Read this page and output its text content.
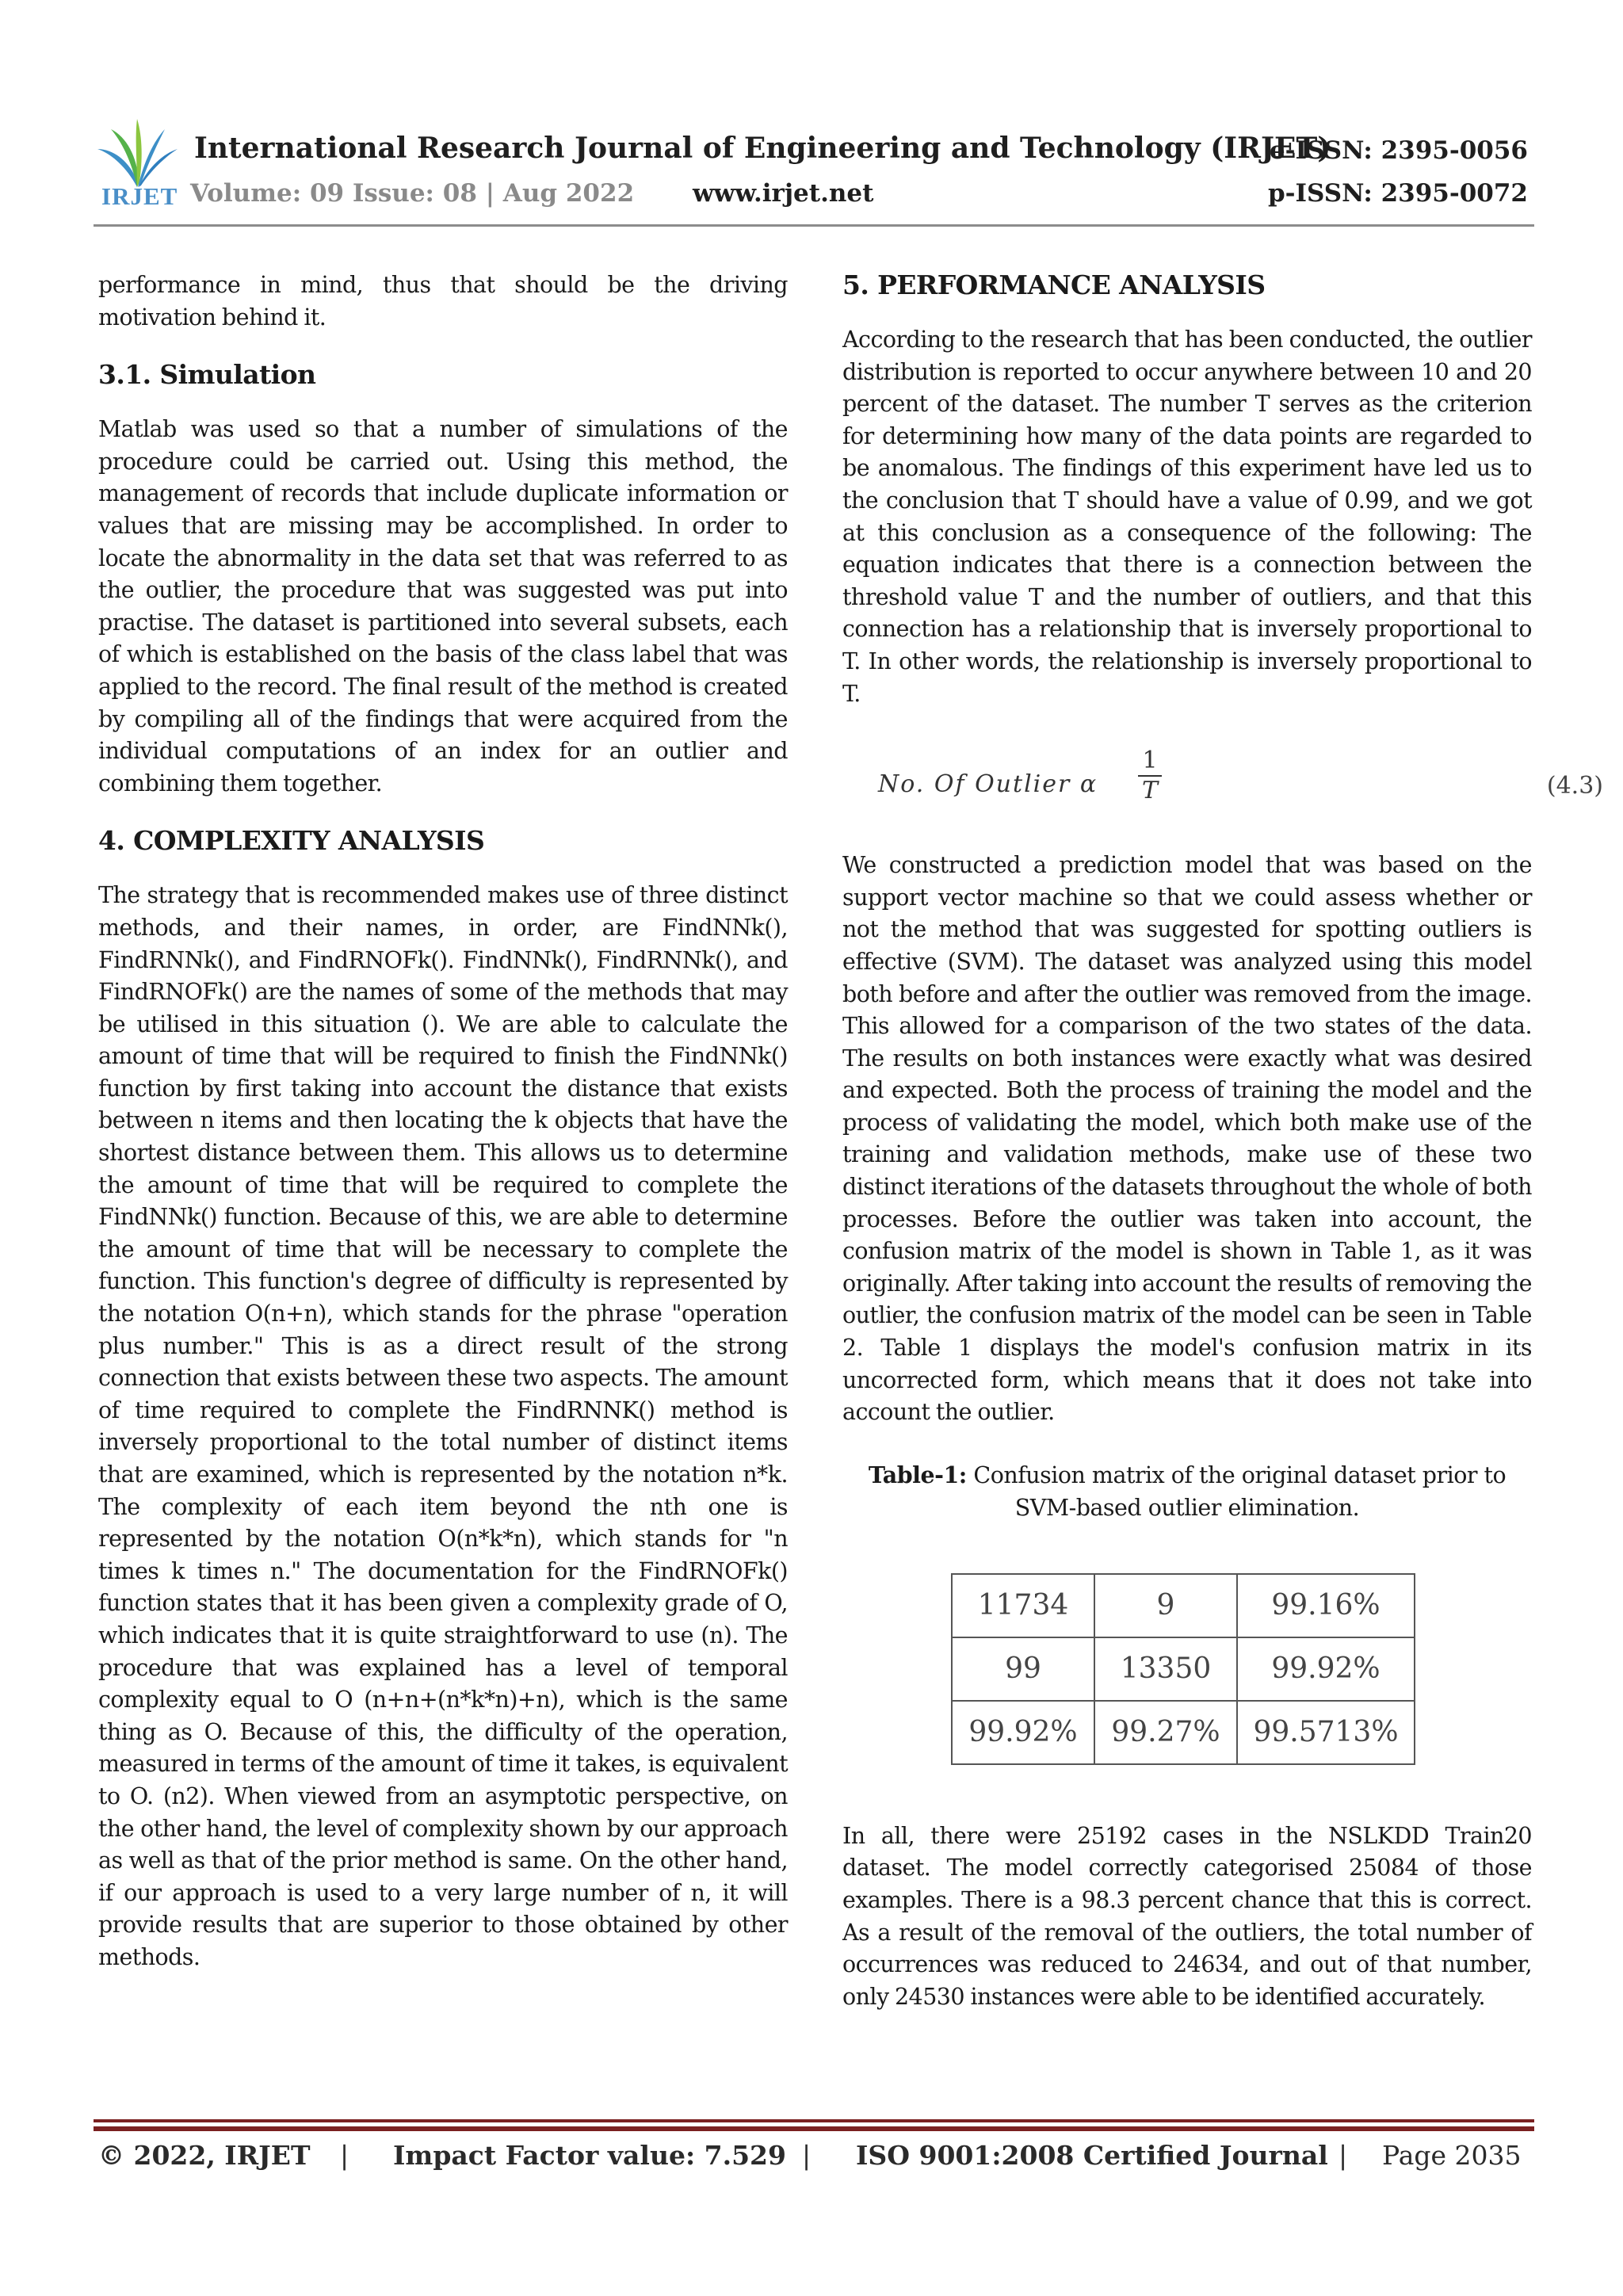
IRJET
International Research Journal of Engineering and Technology (IRJET)
Volume: 09 Issue: 08 | Aug 2022 www.irjet.net
e-ISSN: 2395-0056
p-ISSN: 2395-0072

performance in mind, thus that should be the driving motivation behind it.

3.1. Simulation

Matlab was used so that a number of simulations of the procedure could be carried out. Using this method, the management of records that include duplicate information or values that are missing may be accomplished. In order to locate the abnormality in the data set that was referred to as the outlier, the procedure that was suggested was put into practise. The dataset is partitioned into several subsets, each of which is established on the basis of the class label that was applied to the record. The final result of the method is created by compiling all of the findings that were acquired from the individual computations of an index for an outlier and combining them together.

4. COMPLEXITY ANALYSIS

The strategy that is recommended makes use of three distinct methods, and their names, in order, are FindNNk(), FindRNNk(), and FindRNOFk(). FindNNk(), FindRNNk(), and FindRNOFk() are the names of some of the methods that may be utilised in this situation (). We are able to calculate the amount of time that will be required to finish the FindNNk() function by first taking into account the distance that exists between n items and then locating the k objects that have the shortest distance between them. This allows us to determine the amount of time that will be required to complete the FindNNk() function. Because of this, we are able to determine the amount of time that will be necessary to complete the function. This function's degree of difficulty is represented by the notation O(n+n), which stands for the phrase "operation plus number." This is as a direct result of the strong connection that exists between these two aspects. The amount of time required to complete the FindRNNK() method is inversely proportional to the total number of distinct items that are examined, which is represented by the notation n*k. The complexity of each item beyond the nth one is represented by the notation O(n*k*n), which stands for "n times k times n." The documentation for the FindRNOFk() function states that it has been given a complexity grade of O, which indicates that it is quite straightforward to use (n). The procedure that was explained has a level of temporal complexity equal to O (n+n+(n*k*n)+n), which is the same thing as O. Because of this, the difficulty of the operation, measured in terms of the amount of time it takes, is equivalent to O. (n2). When viewed from an asymptotic perspective, on the other hand, the level of complexity shown by our approach as well as that of the prior method is same. On the other hand, if our approach is used to a very large number of n, it will provide results that are superior to those obtained by other methods.

5. PERFORMANCE ANALYSIS

According to the research that has been conducted, the outlier distribution is reported to occur anywhere between 10 and 20 percent of the dataset. The number T serves as the criterion for determining how many of the data points are regarded to be anomalous. The findings of this experiment have led us to the conclusion that T should have a value of 0.99, and we got at this conclusion as a consequence of the following: The equation indicates that there is a connection between the threshold value T and the number of outliers, and that this connection has a relationship that is inversely proportional to T. In other words, the relationship is inversely proportional to T.

No. Of Outlier α $\frac{1}{T}$	(4.3)

We constructed a prediction model that was based on the support vector machine so that we could assess whether or not the method that was suggested for spotting outliers is effective (SVM). The dataset was analyzed using this model both before and after the outlier was removed from the image. This allowed for a comparison of the two states of the data. The results on both instances were exactly what was desired and expected. Both the process of training the model and the process of validating the model, which both make use of the training and validation methods, make use of these two distinct iterations of the datasets throughout the whole of both processes. Before the outlier was taken into account, the confusion matrix of the model is shown in Table 1, as it was originally. After taking into account the results of removing the outlier, the confusion matrix of the model can be seen in Table 2. Table 1 displays the model's confusion matrix in its uncorrected form, which means that it does not take into account the outlier.

Table-1: Confusion matrix of the original dataset prior to SVM-based outlier elimination.
11734	9	99.16%
99	13350	99.92%
99.92%	99.27%	99.5713%

In all, there were 25192 cases in the NSLKDD Train20 dataset. The model correctly categorised 25084 of those examples. There is a 98.3 percent chance that this is correct. As a result of the removal of the outliers, the total number of occurrences was reduced to 24634, and out of that number, only 24530 instances were able to be identified accurately.

© 2022, IRJET | Impact Factor value: 7.529 | ISO 9001:2008 Certified Journal | Page 2035
